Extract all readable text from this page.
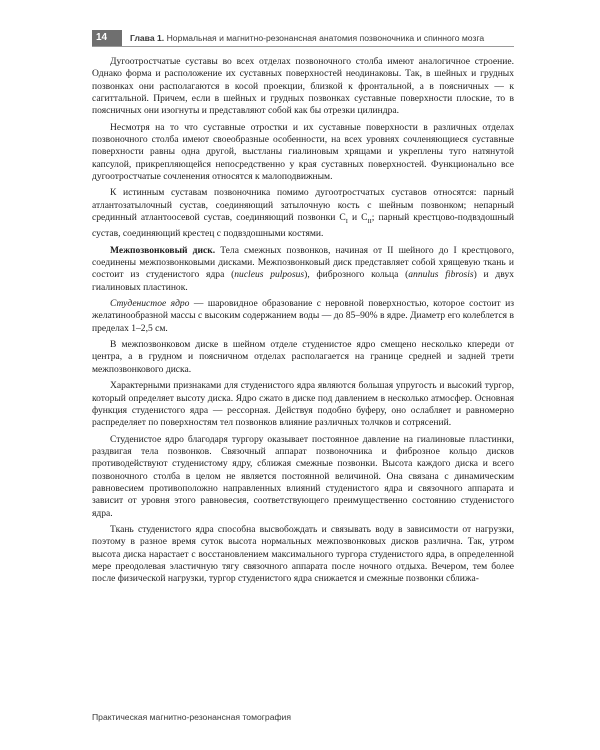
14	Глава 1. Нормальная и магнитно-резонансная анатомия позвоночника и спинного мозга

Дугоотростчатые суставы во всех отделах позвоночного столба имеют аналогичное строение. Однако форма и расположение их суставных поверхностей неодинаковы. Так, в шейных и грудных позвонках они располагаются в косой проекции, близкой к фронтальной, а в поясничных — к сагиттальной. Причем, если в шейных и грудных позвонках суставные поверхности плоские, то в поясничных они изогнуты и представляют собой как бы отрезки цилиндра.

Несмотря на то что суставные отростки и их суставные поверхности в различных отделах позвоночного столба имеют своеобразные особенности, на всех уровнях сочленяющиеся суставные поверхности равны одна другой, выстланы гиалиновым хрящами и укреплены туго натянутой капсулой, прикрепляющейся непосредственно у края суставных поверхностей. Функционально все дугоотростчатые сочленения относятся к малоподвижным.

К истинным суставам позвоночника помимо дугоотростчатых суставов относятся: парный атлантозатылочный сустав, соединяющий затылочную кость с шейным позвонком; непарный срединный атлантоосевой сустав, соединяющий позвонки $C_I$ и $C_{II}$; парный крестцово-подвздошный сустав, соединяющий крестец с подвздошными костями.

Межпозвонковый диск. Тела смежных позвонков, начиная от II шейного до I крестцового, соединены межпозвонковыми дисками. Межпозвонковый диск представляет собой хрящевую ткань и состоит из студенистого ядра (nucleus pulposus), фиброзного кольца (annulus fibrosis) и двух гиалиновых пластинок.

Студенистое ядро — шаровидное образование с неровной поверхностью, которое состоит из желатинообразной массы с высоким содержанием воды — до 85–90% в ядре. Диаметр его колеблется в пределах 1–2,5 см.

В межпозвонковом диске в шейном отделе студенистое ядро смещено несколько кпереди от центра, а в грудном и поясничном отделах располагается на границе средней и задней трети межпозвонкового диска.

Характерными признаками для студенистого ядра являются большая упругость и высокий тургор, который определяет высоту диска. Ядро сжато в диске под давлением в несколько атмосфер. Основная функция студенистого ядра — рессорная. Действуя подобно буферу, оно ослабляет и равномерно распределяет по поверхностям тел позвонков влияние различных толчков и сотрясений.

Студенистое ядро благодаря тургору оказывает постоянное давление на гиалиновые пластинки, раздвигая тела позвонков. Связочный аппарат позвоночника и фиброзное кольцо дисков противодействуют студенистому ядру, сближая смежные позвонки. Высота каждого диска и всего позвоночного столба в целом не является постоянной величиной. Она связана с динамическим равновесием противоположно направленных влияний студенистого ядра и связочного аппарата и зависит от уровня этого равновесия, соответствующего преимущественно состоянию студенистого ядра.

Ткань студенистого ядра способна высвобождать и связывать воду в зависимости от нагрузки, поэтому в разное время суток высота нормальных межпозвонковых дисков различна. Так, утром высота диска нарастает с восстановлением максимального тургора студенистого ядра, в определенной мере преодолевая эластичную тягу связочного аппарата после ночного отдыха. Вечером, тем более после физической нагрузки, тургор студенистого ядра снижается и смежные позвонки сближа-

Практическая магнитно-резонансная томография
